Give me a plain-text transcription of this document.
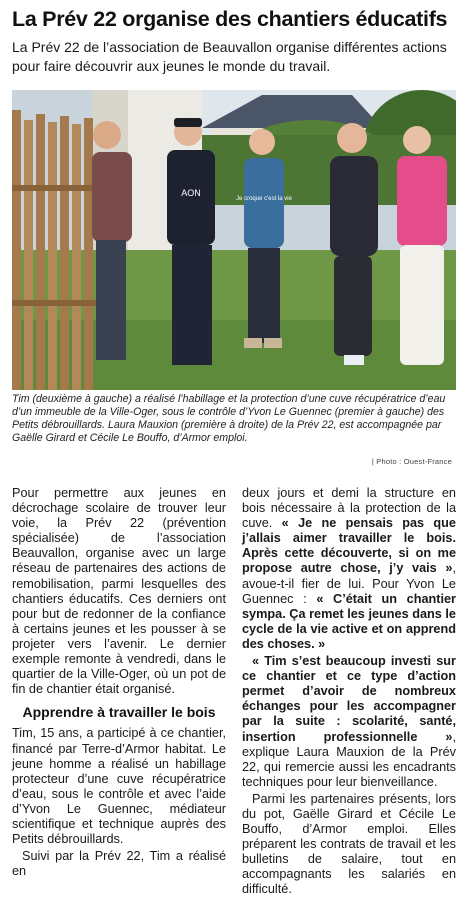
La Prév 22 organise des chantiers éducatifs
La Prév 22 de l’association de Beauvallon organise différentes actions pour faire découvrir aux jeunes le monde du travail.
AON
Je croque c'est la vie
Tim (deuxième à gauche) a réalisé l’habillage et la protection d’une cuve récupératrice d’eau d’un immeuble de la Ville-Oger, sous le contrôle d’Yvon Le Guennec (premier à gauche) des Petits débrouillards. Laura Mauxion (première à droite) de la Prév 22, est accompagnée par Gaëlle Girard et Cécile Le Bouffo, d’Armor emploi.
| Photo : Ouest-France

Pour permettre aux jeunes en décrochage scolaire de trouver leur voie, la Prév 22 (prévention spécialisée) de l’association Beauvallon, organise avec un large réseau de partenaires des actions de remobilisation, parmi lesquelles des chantiers éducatifs. Ces derniers ont pour but de redonner de la confiance à certains jeunes et les pousser à se projeter vers l’avenir. Le dernier exemple remonte à vendredi, dans le quartier de la Ville-Oger, où un pot de fin de chantier était organisé.

Apprendre à travailler le bois

Tim, 15 ans, a participé à ce chantier, financé par Terre-d’Armor habitat. Le jeune homme a réalisé un habillage protecteur d’une cuve récupératrice d’eau, sous le contrôle et avec l’aide d’Yvon Le Guennec, médiateur scientifique et technique auprès des Petits débrouillards.

Suivi par la Prév 22, Tim a réalisé en

deux jours et demi la structure en bois nécessaire à la protection de la cuve. « Je ne pensais pas que j’allais aimer travailler le bois. Après cette découverte, si on me propose autre chose, j’y vais », avoue-t-il fier de lui. Pour Yvon Le Guennec : « C’était un chantier sympa. Ça remet les jeunes dans le cycle de la vie active et on apprend des choses. »

« Tim s’est beaucoup investi sur ce chantier et ce type d’action permet d’avoir de nombreux échanges pour les accompagner par la suite : scolarité, santé, insertion professionnelle », explique Laura Mauxion de la Prév 22, qui remercie aussi les encadrants techniques pour leur bienveillance.

Parmi les partenaires présents, lors du pot, Gaëlle Girard et Cécile Le Bouffo, d’Armor emploi. Elles préparent les contrats de travail et les bulletins de salaire, tout en accompagnants les salariés en difficulté.
